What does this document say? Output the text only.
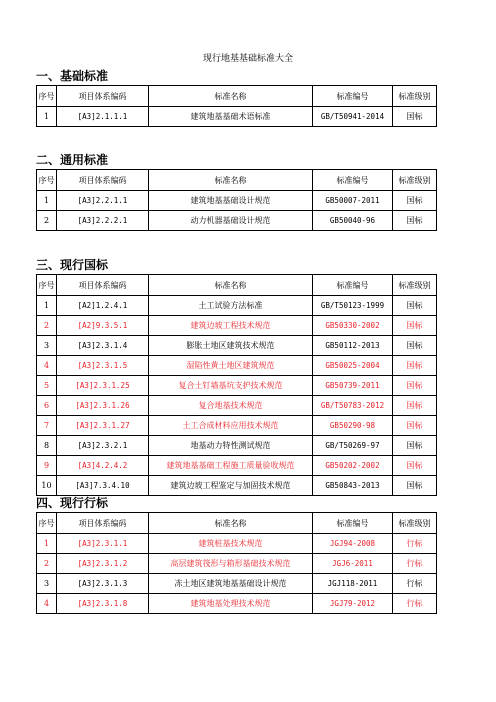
现行地基基础标准大全
一、基础标准
序号	项目体系编码	标准名称	标准编号	标准级别
1	[A3]2.1.1.1	建筑地基基础术语标准	GB/T50941-2014	国标
二、通用标准
序号	项目体系编码	标准名称	标准编号	标准级别
1	[A3]2.2.1.1	建筑地基基础设计规范	GB50007-2011	国标
2	[A3]2.2.2.1	动力机器基础设计规范	GB50040-96	国标
三、现行国标
序号	项目体系编码	标准名称	标准编号	标准级别
1	[A2]1.2.4.1	土工试验方法标准	GB/T50123-1999	国标
2	[A2]9.3.5.1	建筑边坡工程技术规范	GB50330-2002	国标
3	[A3]2.3.1.4	膨胀土地区建筑技术规范	GB50112-2013	国标
4	[A3]2.3.1.5	湿陷性黄土地区建筑规范	GB50025-2004	国标
5	[A3]2.3.1.25	复合土钉墙基坑支护技术规范	GB50739-2011	国标
6	[A3]2.3.1.26	复合地基技术规范	GB/T50783-2012	国标
7	[A3]2.3.1.27	土工合成材料应用技术规范	GB50290-98	国标
8	[A3]2.3.2.1	地基动力特性测试规范	GB/T50269-97	国标
9	[A3]4.2.4.2	建筑地基基础工程施工质量验收规范	GB50202-2002	国标
10	[A3]7.3.4.10	建筑边坡工程鉴定与加固技术规范	GB50843-2013	国标
四、现行行标
序号	项目体系编码	标准名称	标准编号	标准级别
1	[A3]2.3.1.1	建筑桩基技术规范	JGJ94-2008	行标
2	[A3]2.3.1.2	高层建筑筏形与箱形基础技术规范	JGJ6-2011	行标
3	[A3]2.3.1.3	冻土地区建筑地基基础设计规范	JGJ118-2011	行标
4	[A3]2.3.1.8	建筑地基处理技术规范	JGJ79-2012	行标
